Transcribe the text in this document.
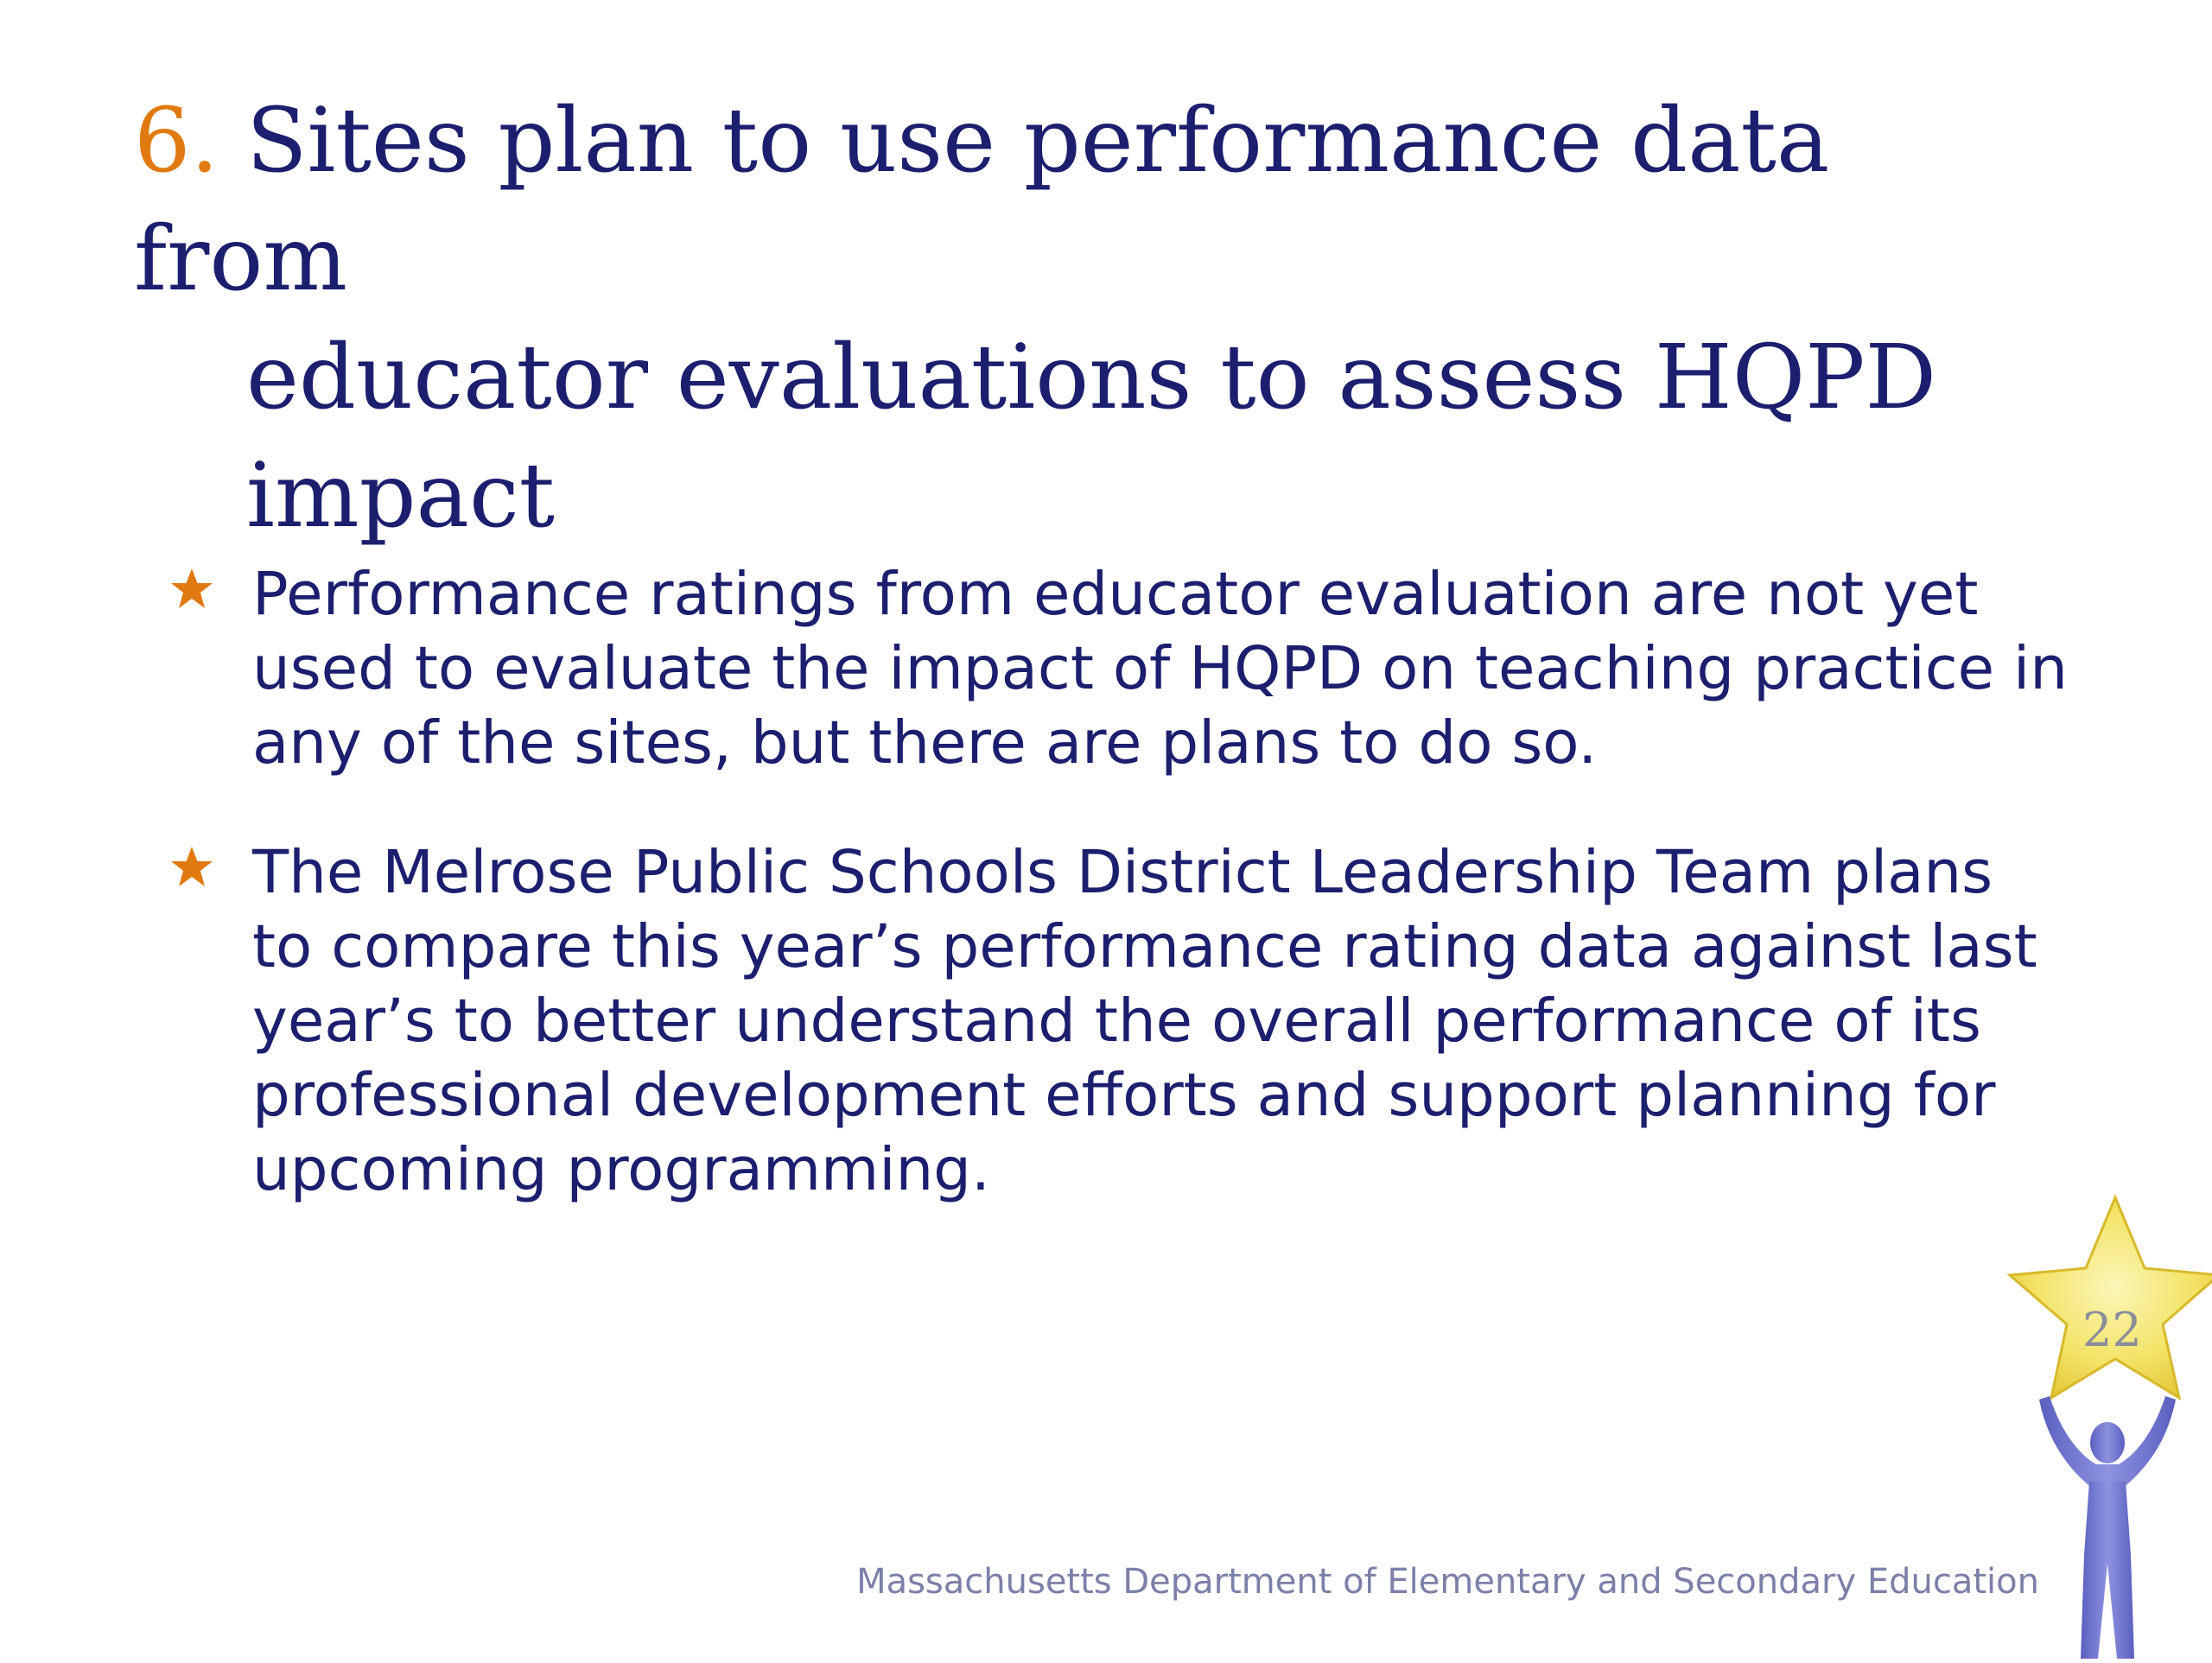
6. Sites plan to use performance data from
educator evaluations to assess HQPD
impact
Performance ratings from educator evaluation are not yet used to evaluate the impact of HQPD on teaching practice in any of the sites, but there are plans to do so.
The Melrose Public Schools District Leadership Team plans to compare this year’s performance rating data against last year’s to better understand the overall performance of its professional development efforts and support planning for upcoming programming.
Massachusetts Department of Elementary and Secondary Education
22
